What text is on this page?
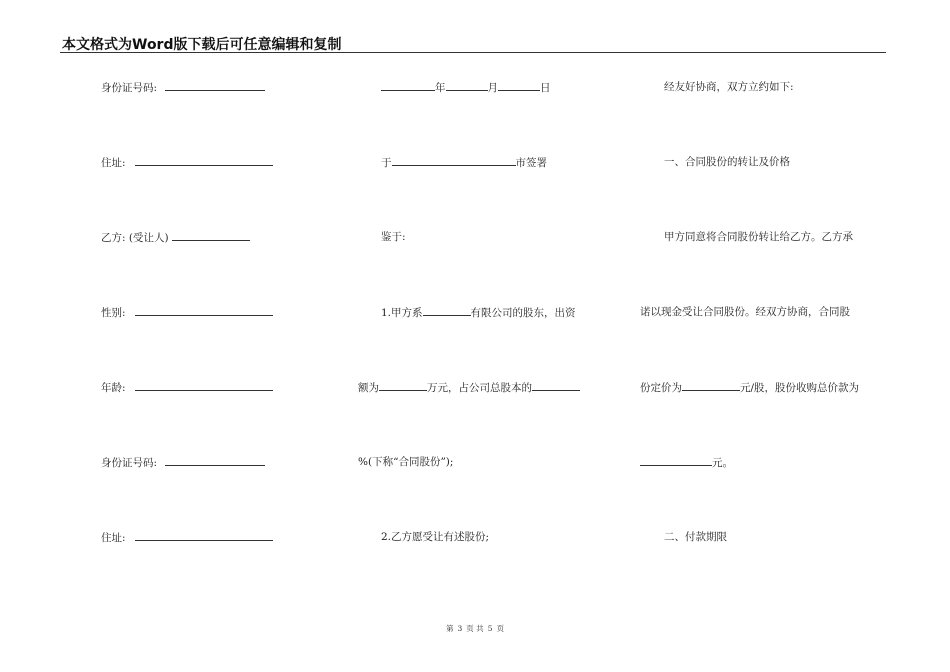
本文格式为Word版下载后可任意编辑和复制
身份证号码:
住址:
乙方: (受让人)
性别:
年龄:
身份证号码:
住址:
年	月	日
于	市签署
鉴于:
1.甲方系	有限公司的股东，出资
额为	万元，占公司总股本的
%(下称“合同股份”);
2.乙方愿受让有述股份;
经友好协商，双方立约如下:
一、合同股份的转让及价格
甲方同意将合同股份转让给乙方。乙方承
诺以现金受让合同股份。经双方协商，合同股
份定价为	元/股，股份收购总价款为
元。
二、付款期限
第 3 页 共 5 页
